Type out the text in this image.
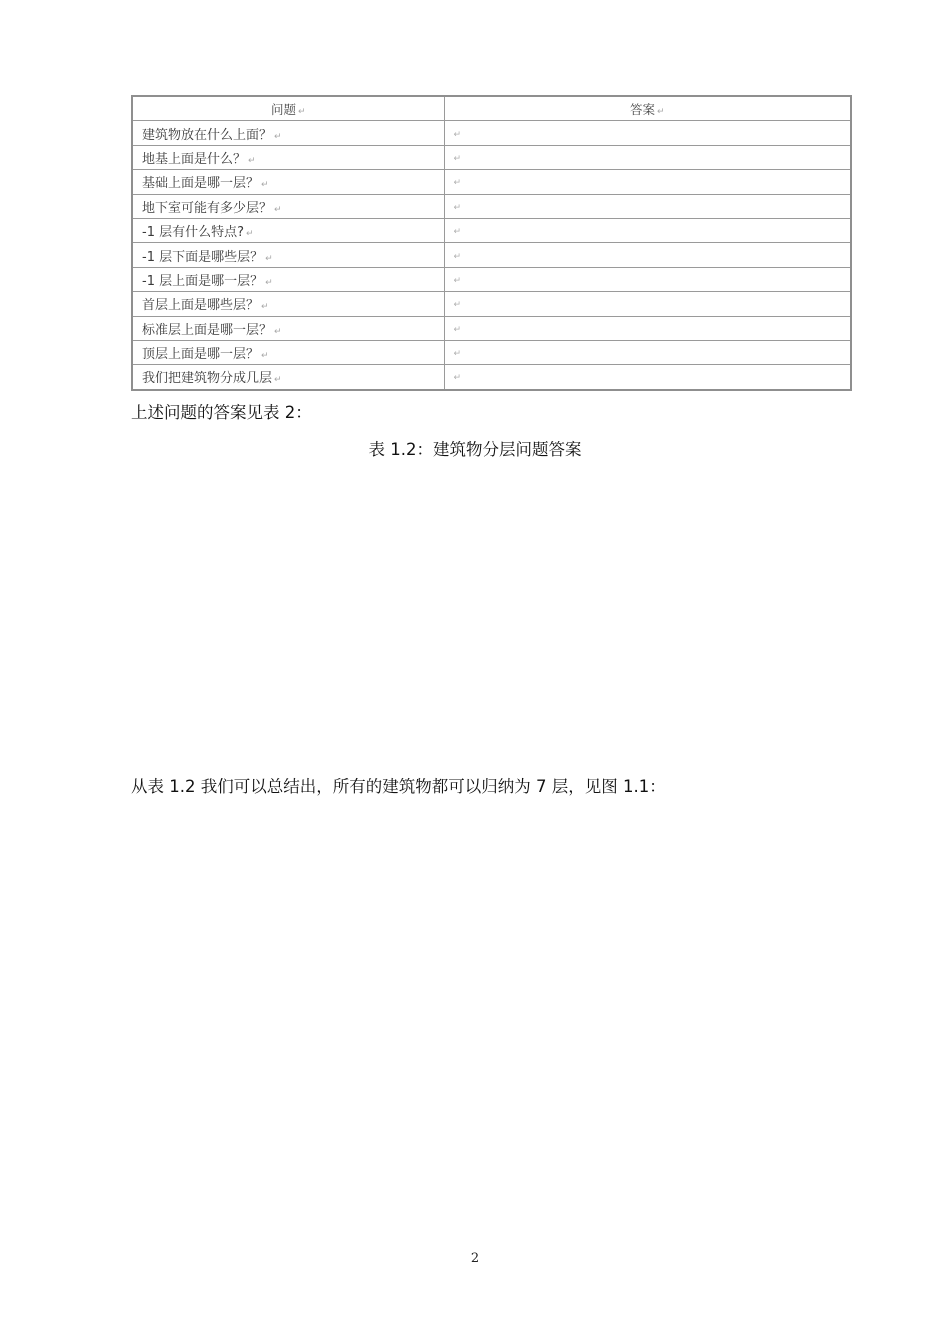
问题 ↵	答案 ↵
建筑物放在什么上面？ ↵	↵
地基上面是什么？ ↵	↵
基础上面是哪一层？ ↵	↵
地下室可能有多少层？ ↵	↵
-1 层有什么特点? ↵	↵
-1 层下面是哪些层？ ↵	↵
-1 层上面是哪一层？ ↵	↵
首层上面是哪些层？ ↵	↵
标准层上面是哪一层？ ↵	↵
顶层上面是哪一层？ ↵	↵
我们把建筑物分成几层 ↵	↵
上述问题的答案见表 2：
表 1.2：建筑物分层问题答案
从表 1.2 我们可以总结出，所有的建筑物都可以归纳为 7 层，见图 1.1：
2
